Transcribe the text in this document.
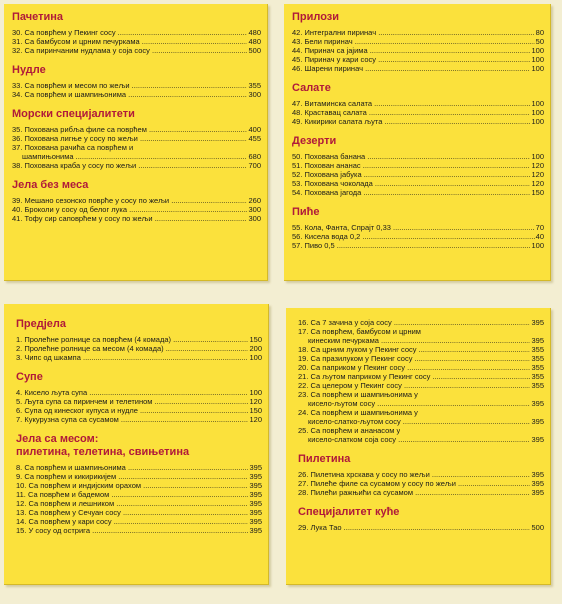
Пачетина
30. Са поврћем у Пекинг сосу .....	480
31. Са бамбусом и црним печуркама .....	480
32. Са пиринчаним нудлама у соја сосу .....	500
Нудле
33. Са поврћем и месом по жељи .....	355
34. Са поврћем и шампињонима .....	300
Морски специјалитети
35. Похована рибља филе са поврћем .....	400
36. Похована лигње у сосу по жељи .....	455
37. Похована рачића са поврћем и
шампињонима .....	680
38. Похована краба у сосу по жељи .....	700
Јела без меса
39. Мешано сезонско поврће у сосу по жељи .....	260
40. Броколи у сосу од белог лука .....	300
41. Тофу сир саповрћем у сосу по жељи .....	300
Прилози
42. Интегрални пиринач .....	80
43. Бели пиринач .....	50
44. Пиринач са јајима .....	100
45. Пиринач у кари сосу .....	100
46. Шарени пиринач .....	100
Салате
47. Витаминска салата .....	100
48. Крaставац салата .....	100
49. Кикирики салата љута .....	100
Дезерти
50. Похована банана .....	100
51. Похован ананас .....	120
52. Похована јабука .....	120
53. Похована чоколада .....	120
54. Похована јагода .....	150
Пиће
55. Кола, Фанта, Спрајт 0,33 .....	70
56. Кисела вода 0,2 .....	40
57. Пиво 0,5 .....	100
Предјела
1. Пролећне ролнице са поврћем (4 комада) .....	150
2. Пролећне ролнице са месом (4 комада) .....	200
3. Чипс од шкампа .....	100
Супе
4. Кисело љута супа .....	100
5. Љута супа са пиринчем и телетином .....	120
6. Супа од кинеског купуса и нудле .....	150
7. Кукурузна супа са сусамом .....	120
Јела са месом:
пилетина, телетина, свињетина
8. Са поврћем и шампињонима .....	395
9. Са поврћем и кикирикијем .....	395
10. Са поврћем и индијским орахом .....	395
11. Са поврћем и бадемом .....	395
12. Са поврћем и лешником .....	395
13. Са поврћем у Сечуан сосу .....	395
14. Са поврћем у кари сосу .....	395
15. У сосу од остригa .....	395
16. Са 7 зачина у соја сосу .....	395
17. Са поврћем, бамбусом и црним
кинеским печуркама .....	395
18. Са црним луком у Пекинг сосу .....	355
19. Са празилуком у Пекинг сосу .....	355
20. Са паприком у Пекинг сосу .....	355
21. Са љутом паприком у Пекинг сосу .....	355
22. Са целером у Пекинг сосу .....	355
23. Са поврћем и шампињонима у
кисело-љутом сосу .....	395
24. Са поврћем и шампињонима у
кисело-слатко-љутом сосу .....	395
25. Са поврћем и ананасом у
кисело-слатком соја сосу .....	395
Пилетина
26. Пилетина хрскава у сосу по жељи .....	395
27. Пилеће филе са сусамом у сосу по жељи .....	395
28. Пилећи ражњићи са сусамом .....	395
Специјалитет куће
29. Лука Тао .....	500
